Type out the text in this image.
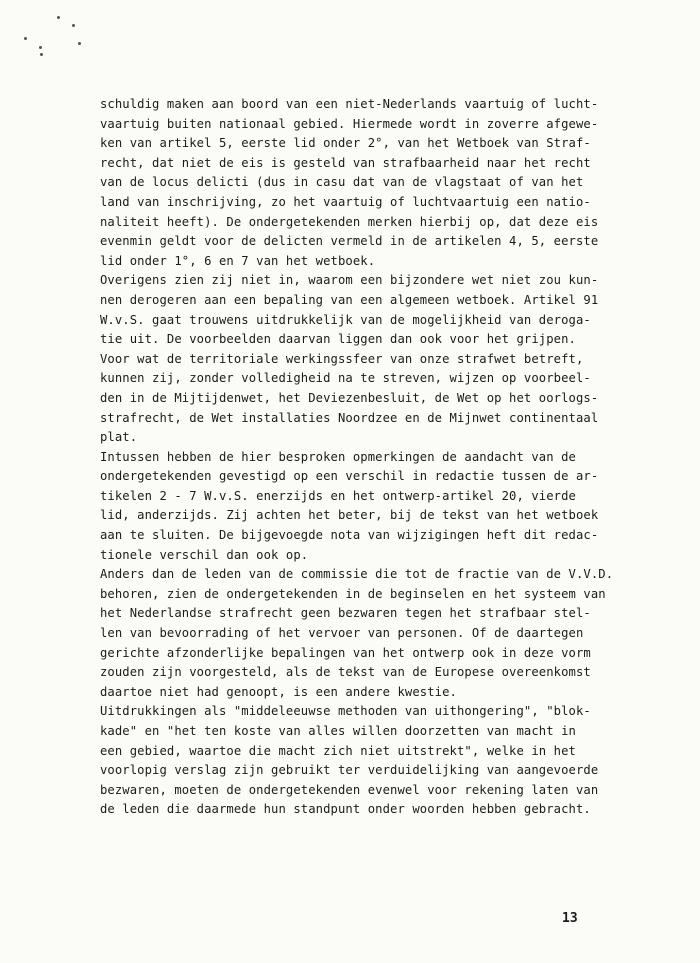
schuldig maken aan boord van een niet-Nederlands vaartuig of lucht-
vaartuig buiten nationaal gebied. Hiermede wordt in zoverre afgewe-
ken van artikel 5, eerste lid onder 2°, van het Wetboek van Straf-
recht, dat niet de eis is gesteld van strafbaarheid naar het recht
van de locus delicti (dus in casu dat van de vlagstaat of van het
land van inschrijving, zo het vaartuig of luchtvaartuig een natio-
naliteit heeft). De ondergetekenden merken hierbij op, dat deze eis
evenmin geldt voor de delicten vermeld in de artikelen 4, 5, eerste
lid onder 1°, 6 en 7 van het wetboek.
Overigens zien zij niet in, waarom een bijzondere wet niet zou kun-
nen derogeren aan een bepaling van een algemeen wetboek. Artikel 91
W.v.S. gaat trouwens uitdrukkelijk van de mogelijkheid van deroga-
tie uit. De voorbeelden daarvan liggen dan ook voor het grijpen.
Voor wat de territoriale werkingssfeer van onze strafwet betreft,
kunnen zij, zonder volledigheid na te streven, wijzen op voorbeel-
den in de Mijtijdenwet, het Deviezenbesluit, de Wet op het oorlogs-
strafrecht, de Wet installaties Noordzee en de Mijnwet continentaal
plat.
Intussen hebben de hier besproken opmerkingen de aandacht van de
ondergetekenden gevestigd op een verschil in redactie tussen de ar-
tikelen 2 - 7 W.v.S. enerzijds en het ontwerp-artikel 20, vierde
lid, anderzijds. Zij achten het beter, bij de tekst van het wetboek
aan te sluiten. De bijgevoegde nota van wijzigingen heft dit redac-
tionele verschil dan ook op.
Anders dan de leden van de commissie die tot de fractie van de V.V.D.
behoren, zien de ondergetekenden in de beginselen en het systeem van
het Nederlandse strafrecht geen bezwaren tegen het strafbaar stel-
len van bevoorrading of het vervoer van personen. Of de daartegen
gerichte afzonderlijke bepalingen van het ontwerp ook in deze vorm
zouden zijn voorgesteld, als de tekst van de Europese overeenkomst
daartoe niet had genoopt, is een andere kwestie.
Uitdrukkingen als "middeleeuwse methoden van uithongering", "blok-
kade" en "het ten koste van alles willen doorzetten van macht in
een gebied, waartoe die macht zich niet uitstrekt", welke in het
voorlopig verslag zijn gebruikt ter verduidelijking van aangevoerde
bezwaren, moeten de ondergetekenden evenwel voor rekening laten van
de leden die daarmede hun standpunt onder woorden hebben gebracht.
13
